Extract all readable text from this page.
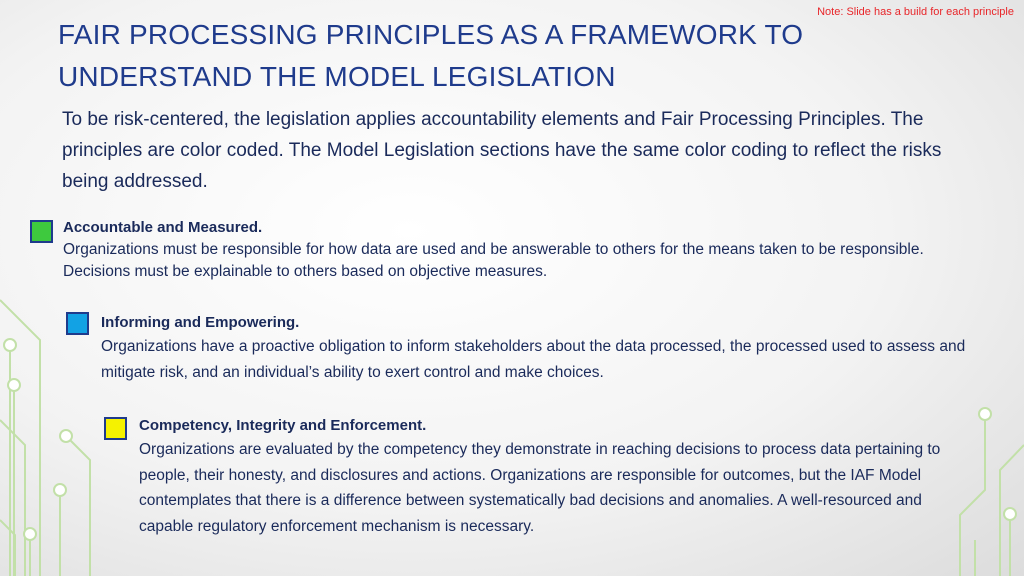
Note: Slide has a build for each principle
FAIR PROCESSING PRINCIPLES AS A FRAMEWORK TO
UNDERSTAND THE MODEL LEGISLATION

To be risk-centered, the legislation applies accountability elements and Fair Processing Principles. The principles are color coded. The Model Legislation sections have the same color coding to reflect the risks being addressed.

Accountable and Measured.
Organizations must be responsible for how data are used and be answerable to others for the means taken to be responsible. Decisions must be explainable to others based on objective measures.
Informing and Empowering.
Organizations have a proactive obligation to inform stakeholders about the data processed, the processed used to assess and mitigate risk, and an individual’s ability to exert control and make choices.
Competency, Integrity and Enforcement.
Organizations are evaluated by the competency they demonstrate in reaching decisions to process data pertaining to people, their honesty, and disclosures and actions. Organizations are responsible for outcomes, but the IAF Model contemplates that there is a difference between systematically bad decisions and anomalies. A well-resourced and capable regulatory enforcement mechanism is necessary.
